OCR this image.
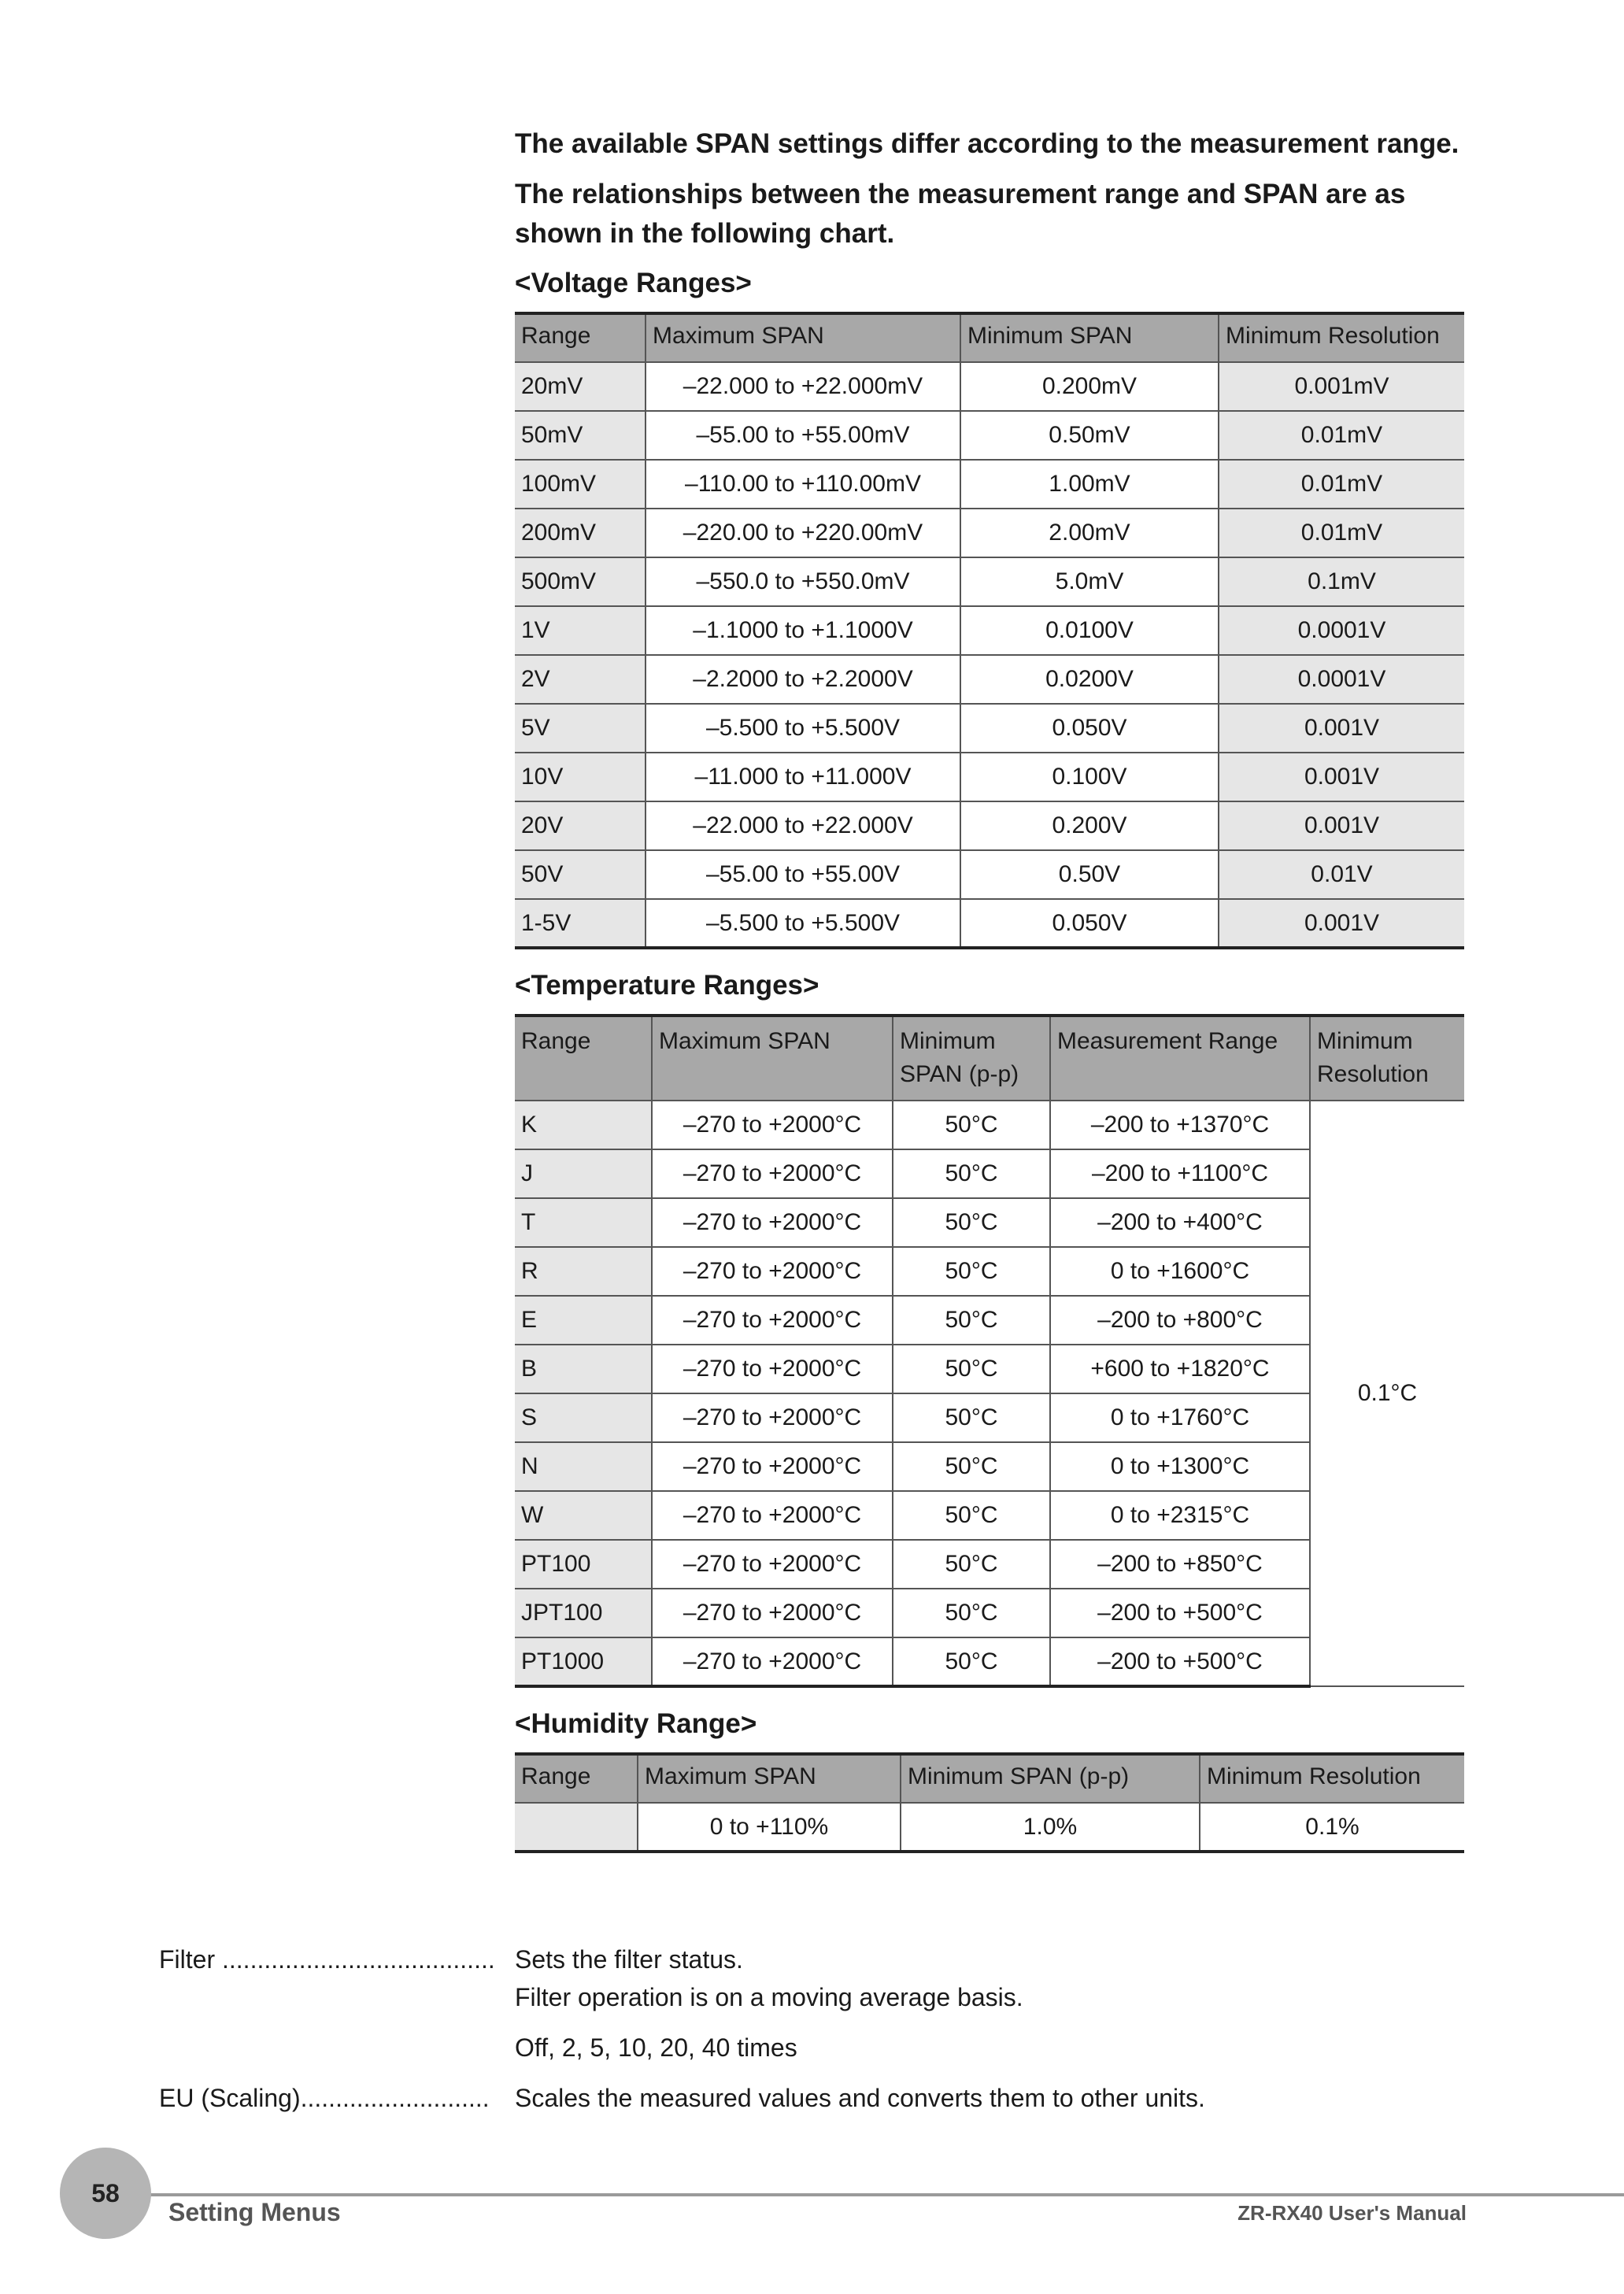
The available SPAN settings differ according to the measurement range.

The relationships between the measurement range and SPAN are as shown in the following chart.

<Voltage Ranges>
Range	Maximum SPAN	Minimum SPAN	Minimum Resolution
20mV	–22.000 to +22.000mV	0.200mV	0.001mV
50mV	–55.00 to +55.00mV	0.50mV	0.01mV
100mV	–110.00 to +110.00mV	1.00mV	0.01mV
200mV	–220.00 to +220.00mV	2.00mV	0.01mV
500mV	–550.0 to +550.0mV	5.0mV	0.1mV
1V	–1.1000 to +1.1000V	0.0100V	0.0001V
2V	–2.2000 to +2.2000V	0.0200V	0.0001V
5V	–5.500 to +5.500V	0.050V	0.001V
10V	–11.000 to +11.000V	0.100V	0.001V
20V	–22.000 to +22.000V	0.200V	0.001V
50V	–55.00 to +55.00V	0.50V	0.01V
1-5V	–5.500 to +5.500V	0.050V	0.001V
<Temperature Ranges>
Range	Maximum SPAN	Minimum SPAN (p-p)	Measurement Range	Minimum Resolution
K	–270 to +2000°C	50°C	–200 to +1370°C	0.1°C
J	–270 to +2000°C	50°C	–200 to +1100°C	
T	–270 to +2000°C	50°C	–200 to +400°C	
R	–270 to +2000°C	50°C	0 to +1600°C	
E	–270 to +2000°C	50°C	–200 to +800°C	
B	–270 to +2000°C	50°C	+600 to +1820°C	
S	–270 to +2000°C	50°C	0 to +1760°C	
N	–270 to +2000°C	50°C	0 to +1300°C	
W	–270 to +2000°C	50°C	0 to +2315°C	
PT100	–270 to +2000°C	50°C	–200 to +850°C	
JPT100	–270 to +2000°C	50°C	–200 to +500°C	
PT1000	–270 to +2000°C	50°C	–200 to +500°C	
<Humidity Range>
Range	Maximum SPAN	Minimum SPAN (p-p)	Minimum Resolution
	0 to +110%	1.0%	0.1%
Filter ....................................... Sets the filter status.
Filter operation is on a moving average basis.
Off, 2, 5, 10, 20, 40 times
EU (Scaling)........................... Scales the measured values and converts them to other units.
58
Setting Menus	ZR-RX40 User's Manual
